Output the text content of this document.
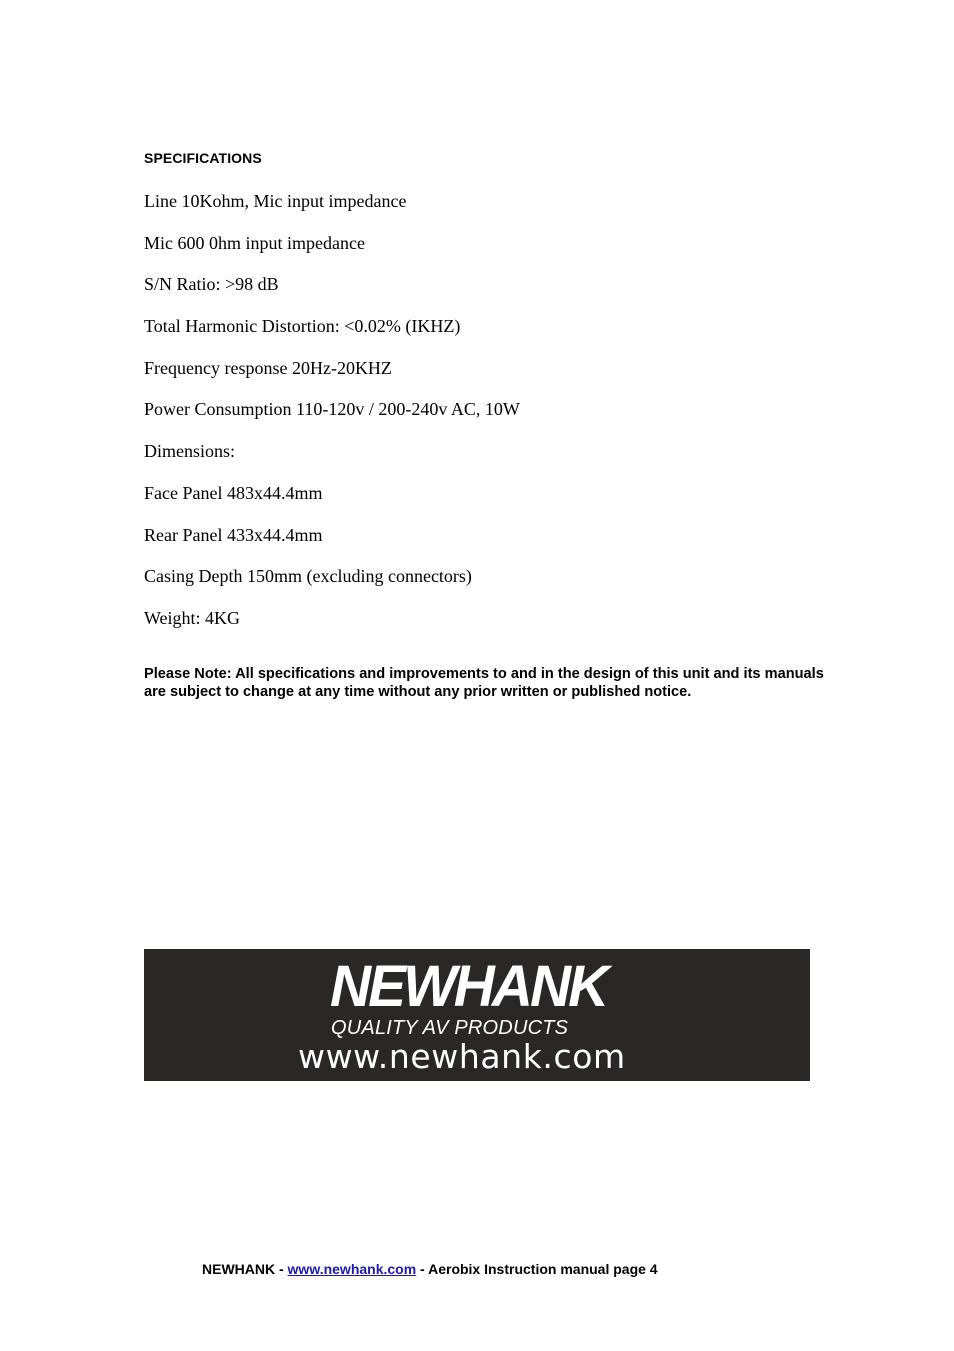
SPECIFICATIONS
Line 10Kohm, Mic input impedance
Mic 600 0hm input impedance
S/N Ratio: >98 dB
Total Harmonic Distortion: <0.02% (IKHZ)
Frequency response 20Hz-20KHZ
Power Consumption 110-120v / 200-240v AC, 10W
Dimensions:
Face Panel 483x44.4mm
Rear Panel 433x44.4mm
Casing Depth 150mm (excluding connectors)
Weight: 4KG
Please Note: All specifications and improvements to and in the design of this unit and its manuals are subject to change at any time without any prior written or published notice.
NEWHANK
QUALITY AV PRODUCTS
www.newhank.com
NEWHANK - www.newhank.com - Aerobix Instruction manual page 4
